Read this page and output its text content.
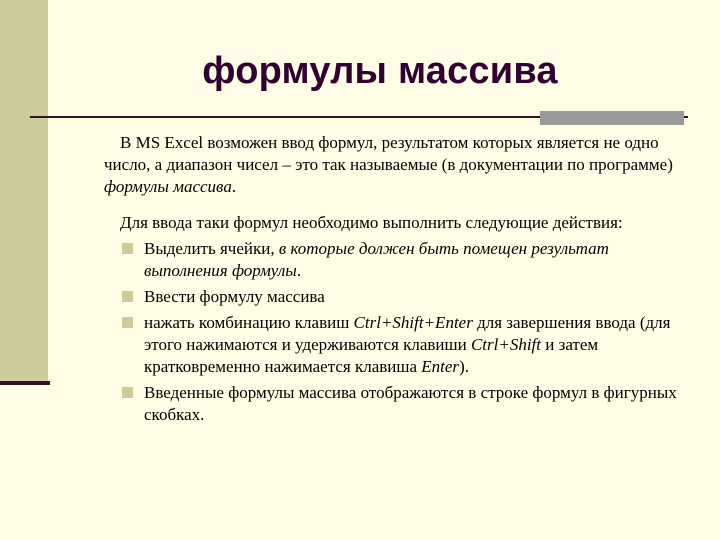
формулы массива

В MS Excel возможен ввод формул, результатом которых является не одно число, а диапазон чисел – это так называемые (в документации по программе) формулы массива.

Для ввода таки формул необходимо выполнить следующие действия:

Выделить ячейки, в которые должен быть помещен результат выполнения формулы.
Ввести формулу массива
нажать комбинацию клавиш Ctrl+Shift+Enter для завершения ввода (для этого нажимаются и удерживаются клавиши Ctrl+Shift и затем кратковременно нажимается клавиша Enter).
Введенные формулы массива отображаются в строке формул в фигурных скобках.
